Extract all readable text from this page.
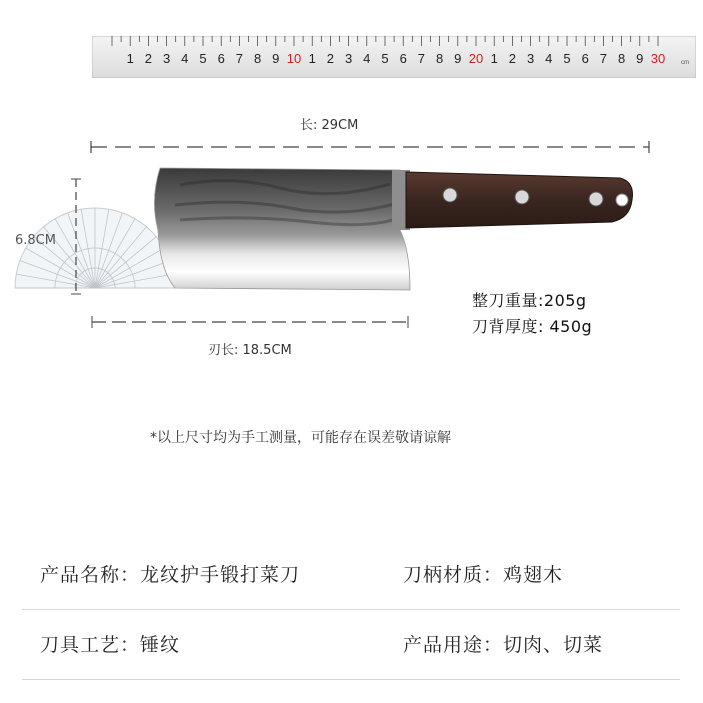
1 2 3 4 5 6 7 8 9 10 1 2 3 4 5 6 7 8 9 20 1 2 3 4 5 6 7 8 9 30	cm
长: 29CM
6.8CM
刃长: 18.5CM
整刀重量:205g
刀背厚度: 450g
*以上尺寸均为手工测量，可能存在误差敬请谅解
产品名称：龙纹护手锻打菜刀	刀柄材质：鸡翅木
刀具工艺：锤纹	产品用途：切肉、切菜
